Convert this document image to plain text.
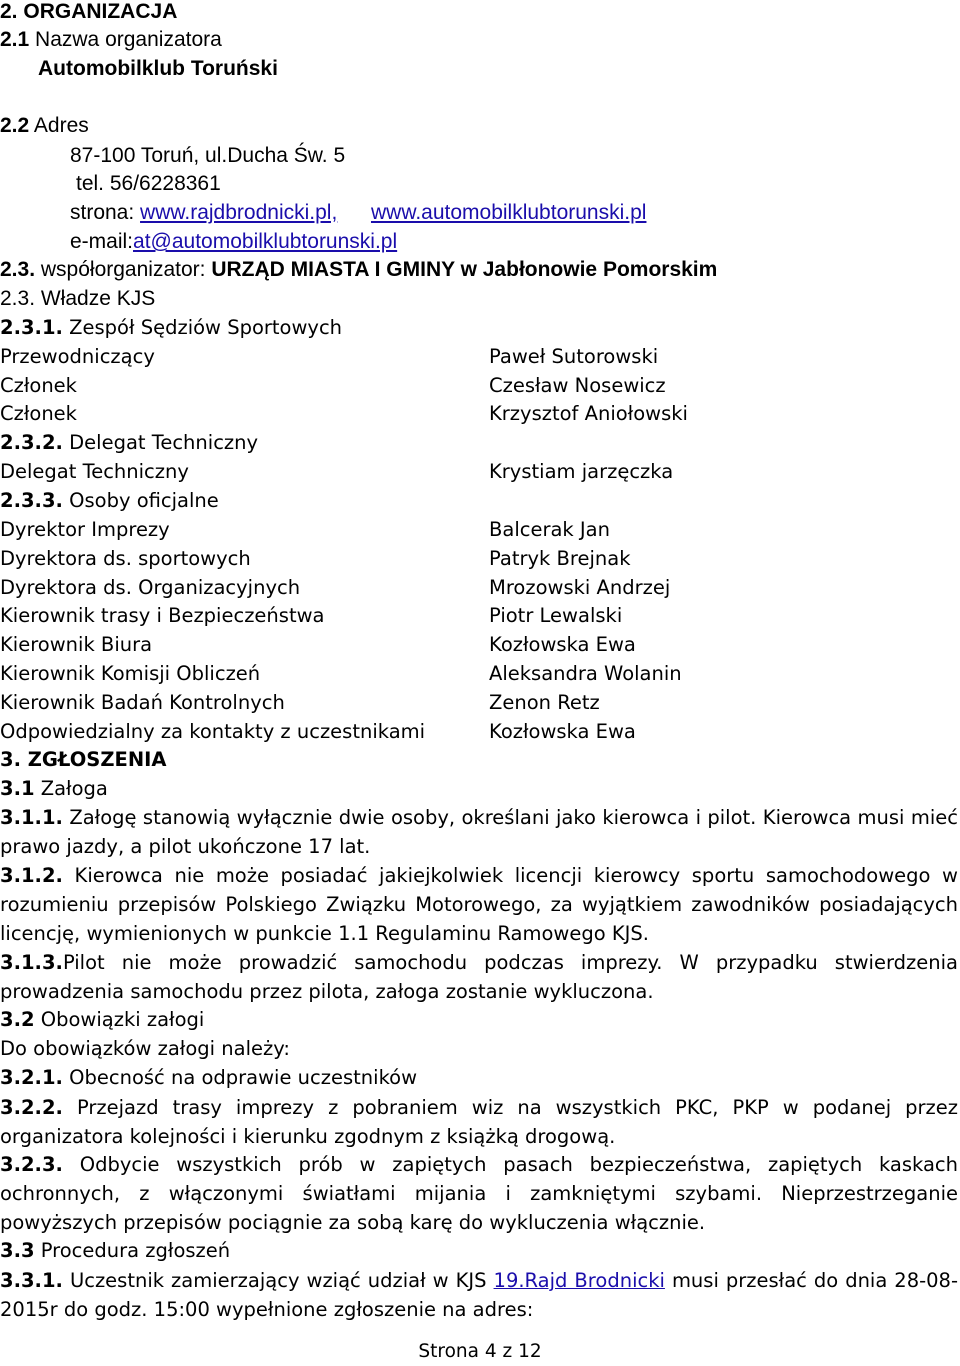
2. ORGANIZACJA
2.1 Nazwa organizatora
Automobilklub Toruński
2.2 Adres
87-100 Toruń, ul.Ducha Św. 5
tel. 56/6228361
strona: www.rajdbrodnicki.pl, www.automobilklubtorunski.pl
e-mail:at@automobilklubtorunski.pl
2.3. współorganizator: URZĄD MIASTA I GMINY w Jabłonowie Pomorskim
2.3. Władze KJS
2.3.1. Zespół Sędziów Sportowych
Przewodniczący	Paweł Sutorowski
Członek	Czesław Nosewicz
Członek	Krzysztof Aniołowski
2.3.2. Delegat Techniczny
Delegat Techniczny	Krystiam jarzęczka
2.3.3. Osoby oficjalne
Dyrektor Imprezy	Balcerak Jan
Dyrektora ds. sportowych	Patryk Brejnak
Dyrektora ds. Organizacyjnych	Mrozowski Andrzej
Kierownik trasy i Bezpieczeństwa	Piotr Lewalski
Kierownik Biura	Kozłowska Ewa
Kierownik Komisji Obliczeń	Aleksandra Wolanin
Kierownik Badań Kontrolnych	Zenon Retz
Odpowiedzialny za kontakty z uczestnikami	Kozłowska Ewa
3. ZGŁOSZENIA
3.1 Załoga
3.1.1. Załogę stanowią wyłącznie dwie osoby, określani jako kierowca i pilot. Kierowca musi mieć prawo jazdy, a pilot ukończone 17 lat.
3.1.2. Kierowca nie może posiadać jakiejkolwiek licencji kierowcy sportu samochodowego w rozumieniu przepisów Polskiego Związku Motorowego, za wyjątkiem zawodników posiadających licencję, wymienionych w punkcie 1.1 Regulaminu Ramowego KJS.
3.1.3.Pilot nie może prowadzić samochodu podczas imprezy. W przypadku stwierdzenia prowadzenia samochodu przez pilota, załoga zostanie wykluczona.
3.2 Obowiązki załogi
Do obowiązków załogi należy:
3.2.1. Obecność na odprawie uczestników
3.2.2. Przejazd trasy imprezy z pobraniem wiz na wszystkich PKC, PKP w podanej przez organizatora kolejności i kierunku zgodnym z książką drogową.
3.2.3. Odbycie wszystkich prób w zapiętych pasach bezpieczeństwa, zapiętych kaskach ochronnych, z włączonymi światłami mijania i zamkniętymi szybami. Nieprzestrzeganie powyższych przepisów pociągnie za sobą karę do wykluczenia włącznie.
3.3 Procedura zgłoszeń
3.3.1. Uczestnik zamierzający wziąć udział w KJS 19.Rajd Brodnicki musi przesłać do dnia 28-08-2015r do godz. 15:00 wypełnione zgłoszenie na adres:
Strona 4 z 12
